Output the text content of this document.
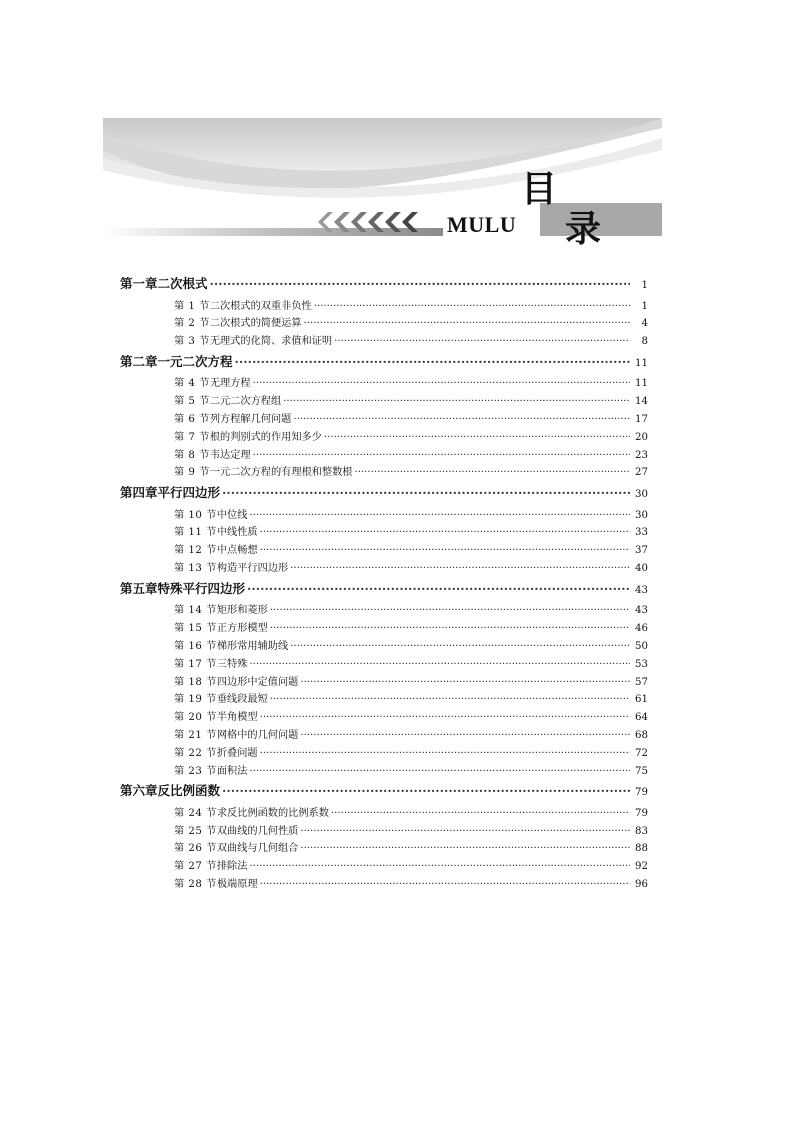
MULU
目
录
第一章 二次根式 ·····	1
第 1 节 二次根式的双重非负性 ·····	1
第 2 节 二次根式的简便运算 ·····	4
第 3 节 无理式的化简、求值和证明 ·····	8
第二章 一元二次方程 ·····	11
第 4 节 无理方程 ·····	11
第 5 节 二元二次方程组 ·····	14
第 6 节 列方程解几何问题 ·····	17
第 7 节 根的判别式的作用知多少 ·····	20
第 8 节 韦达定理 ·····	23
第 9 节 一元二次方程的有理根和整数根 ·····	27
第四章 平行四边形 ·····	30
第 10 节 中位线 ·····	30
第 11 节 中线性质 ·····	33
第 12 节 中点畅想 ·····	37
第 13 节 构造平行四边形 ·····	40
第五章 特殊平行四边形 ·····	43
第 14 节 矩形和菱形 ·····	43
第 15 节 正方形模型 ·····	46
第 16 节 梯形常用辅助线 ·····	50
第 17 节 三特殊 ·····	53
第 18 节 四边形中定值问题 ·····	57
第 19 节 垂线段最短 ·····	61
第 20 节 半角模型 ·····	64
第 21 节 网格中的几何问题 ·····	68
第 22 节 折叠问题 ·····	72
第 23 节 面积法 ·····	75
第六章 反比例函数 ·····	79
第 24 节 求反比例函数的比例系数 ·····	79
第 25 节 双曲线的几何性质 ·····	83
第 26 节 双曲线与几何组合 ·····	88
第 27 节 排除法 ·····	92
第 28 节 极端原理 ·····	96
